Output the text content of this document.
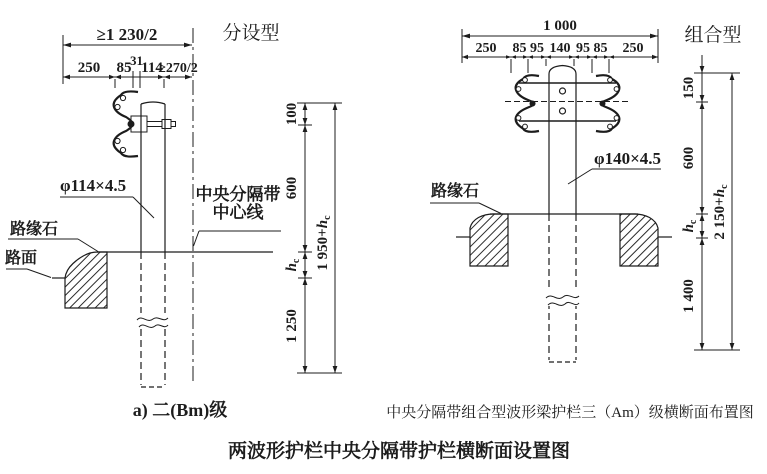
≥1 230/2
250 85
31
114
≥270/2
φ114×4.5	中央分隔带
中心线
路缘石
路面
100
600
$h_c$
1 250
1 $950+h_c$
a) 二(Bm)级
分设型	1 000
250 85 95 140 95 85 250
φ140×4.5
路缘石
150
600
$h_c$
1 400
2 $150+h_c$
中央分隔带组合型波形梁护栏三（Am）级横断面布置图
组合型
两波形护栏中央分隔带护栏横断面设置图
